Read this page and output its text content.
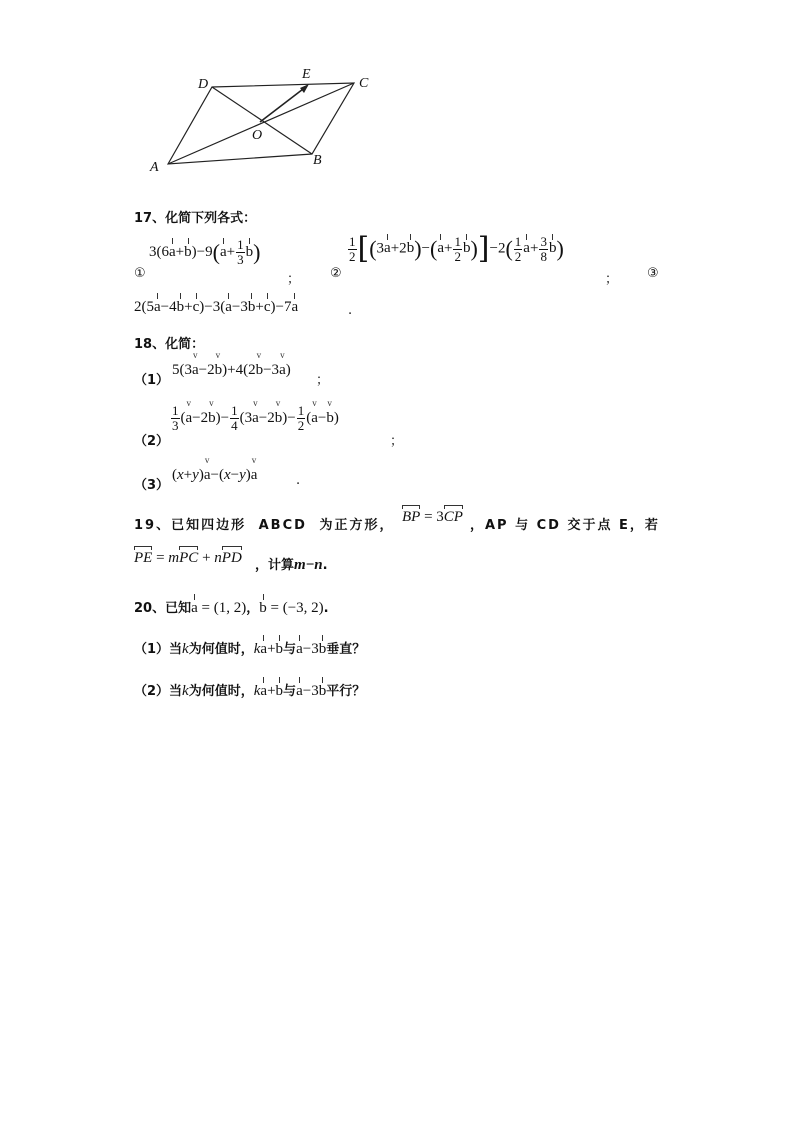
A	B
C
D
E
O
17、化简下列各式：
①
$3(6a+b)-9(a+ \frac{1}{3} b)$
； ②
$\frac{1}{2} [(3a+2b)-(a+ \frac{1}{2} b)]-2( \frac{1}{2} a+ \frac{3}{8} b)$
； ③
2(5a−4b+c)−3(a−3b+c)−7a	.
18、化简：
（1）
5(3v a−2v b)+4(2v b−3v a)
；
（2）
$\frac{1}{3} (v$ a−2v $b)- \frac{1}{4} (3v$ a−2v $b)- \frac{1}{2} (v$ a−v b)
；
（3）
(x+y)v a−(x−y)v a	.
19、已知四边形 ABCD 为正方形，
BP = 3CP
，AP 与 CD 交于点 E，若
PE = mPC + nPD ，计算m−n.
20、已知a = (1, 2)，b = (−3, 2).
（1）当k为何值时，ka+b与a−3b垂直？
（2）当k为何值时，ka+b与a−3b平行？
